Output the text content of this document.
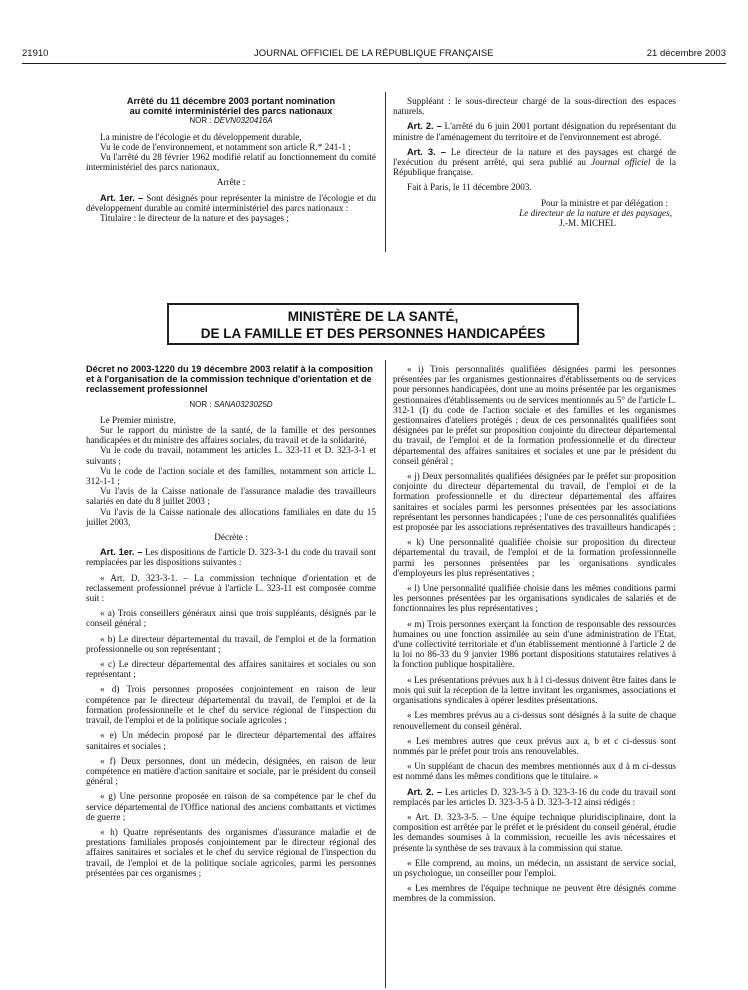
21910	JOURNAL OFFICIEL DE LA RÉPUBLIQUE FRANÇAISE	21 décembre 2003

Arrêté du 11 décembre 2003 portant nomination

au comité interministériel des parcs nationaux

NOR : DEVN0320416A

La ministre de l'écologie et du développement durable,

Vu le code de l'environnement, et notamment son article R.* 241-1 ;

Vu l'arrêté du 28 février 1962 modifié relatif au fonctionnement du comité interministériel des parcs nationaux,

Arrête :

Art. 1er. – Sont désignés pour représenter la ministre de l'écologie et du développement durable au comité interministériel des parcs nationaux :

Titulaire : le directeur de la nature et des paysages ;

Suppléant : le sous-directeur chargé de la sous-direction des espaces naturels.

Art. 2. – L'arrêté du 6 juin 2001 portant désignation du représentant du ministre de l'aménagement du territoire et de l'environnement est abrogé.

Art. 3. – Le directeur de la nature et des paysages est chargé de l'exécution du présent arrêté, qui sera publié au Journal officiel de la République française.

Fait à Paris, le 11 décembre 2003.

Pour la ministre et par délégation :

Le directeur de la nature et des paysages,

J.-M. MICHEL

MINISTÈRE DE LA SANTÉ,
DE LA FAMILLE ET DES PERSONNES HANDICAPÉES

Décret no 2003-1220 du 19 décembre 2003 relatif à la composition et à l'organisation de la commission technique d'orientation et de reclassement professionnel

NOR : SANA0323025D

Le Premier ministre,

Sur le rapport du ministre de la santé, de la famille et des personnes handicapées et du ministre des affaires sociales, du travail et de la solidarité,

Vu le code du travail, notamment les articles L. 323-11 et D. 323-3-1 et suivants ;

Vu le code de l'action sociale et des familles, notamment son article L. 312-1-1 ;

Vu l'avis de la Caisse nationale de l'assurance maladie des travailleurs salariés en date du 8 juillet 2003 ;

Vu l'avis de la Caisse nationale des allocations familiales en date du 15 juillet 2003,

Décrète :

Art. 1er. – Les dispositions de l'article D. 323-3-1 du code du travail sont remplacées par les dispositions suivantes :

« Art. D. 323-3-1. – La commission technique d'orientation et de reclassement professionnel prévue à l'article L. 323-11 est composée comme suit :

« a) Trois conseillers généraux ainsi que trois suppléants, désignés par le conseil général ;

« b) Le directeur départemental du travail, de l'emploi et de la formation professionnelle ou son représentant ;

« c) Le directeur départemental des affaires sanitaires et sociales ou son représentant ;

« d) Trois personnes proposées conjointement en raison de leur compétence par le directeur départemental du travail, de l'emploi et de la formation professionnelle et le chef du service régional de l'inspection du travail, de l'emploi et de la politique sociale agricoles ;

« e) Un médecin proposé par le directeur départemental des affaires sanitaires et sociales ;

« f) Deux personnes, dont un médecin, désignées, en raison de leur compétence en matière d'action sanitaire et sociale, par le président du conseil général ;

« g) Une personne proposée en raison de sa compétence par le chef du service départemental de l'Office national des anciens combattants et victimes de guerre ;

« h) Quatre représentants des organismes d'assurance maladie et de prestations familiales proposés conjointement par le directeur régional des affaires sanitaires et sociales et le chef du service régional de l'inspection du travail, de l'emploi et de la politique sociale agricoles, parmi les personnes présentées par ces organismes ;

« i) Trois personnalités qualifiées désignées parmi les personnes présentées par les organismes gestionnaires d'établissements ou de services pour personnes handicapées, dont une au moins présentée par les organismes gestionnaires d'établissements ou de services mentionnés au 5° de l'article L. 312-1 (I) du code de l'action sociale et des familles et les organismes gestionnaires d'ateliers protégés ; deux de ces personnalités qualifiées sont désignées par le préfet sur proposition conjointe du directeur départemental du travail, de l'emploi et de la formation professionnelle et du directeur départemental des affaires sanitaires et sociales et une par le président du conseil général ;

« j) Deux personnalités qualifiées désignées par le préfet sur proposition conjointe du directeur départemental du travail, de l'emploi et de la formation professionnelle et du directeur départemental des affaires sanitaires et sociales parmi les personnes présentées par les associations représentant les personnes handicapées ; l'une de ces personnalités qualifiées est proposée par les associations représentatives des travailleurs handicapés ;

« k) Une personnalité qualifiée choisie sur proposition du directeur départemental du travail, de l'emploi et de la formation professionnelle parmi les personnes présentées par les organisations syndicales d'employeurs les plus représentatives ;

« l) Une personnalité qualifiée choisie dans les mêmes conditions parmi les personnes présentées par les organisations syndicales de salariés et de fonctionnaires les plus représentatives ;

« m) Trois personnes exerçant la fonction de responsable des ressources humaines ou une fonction assimilée au sein d'une administration de l'Etat, d'une collectivité territoriale et d'un établissement mentionné à l'article 2 de la loi no 86-33 du 9 janvier 1986 portant dispositions statutaires relatives à la fonction publique hospitalière.

« Les présentations prévues aux h à l ci-dessus doivent être faites dans le mois qui suit la réception de la lettre invitant les organismes, associations et organisations syndicales à opérer lesdites présentations.

« Les membres prévus au a ci-dessus sont désignés à la suite de chaque renouvellement du conseil général.

« Les membres autres que ceux prévus aux a, b et c ci-dessus sont nommés par le préfet pour trois ans renouvelables.

« Un suppléant de chacun des membres mentionnés aux d à m ci-dessus est nommé dans les mêmes conditions que le titulaire. »

Art. 2. – Les articles D. 323-3-5 à D. 323-3-16 du code du travail sont remplacés par les articles D. 323-3-5 à D. 323-3-12 ainsi rédigés :

« Art. D. 323-3-5. – Une équipe technique pluridisciplinaire, dont la composition est arrêtée par le préfet et le président du conseil général, étudie les demandes soumises à la commission, recueille les avis nécessaires et présente la synthèse de ses travaux à la commission qui statue.

« Elle comprend, au moins, un médecin, un assistant de service social, un psychologue, un conseiller pour l'emploi.

« Les membres de l'équipe technique ne peuvent être désignés comme membres de la commission.
